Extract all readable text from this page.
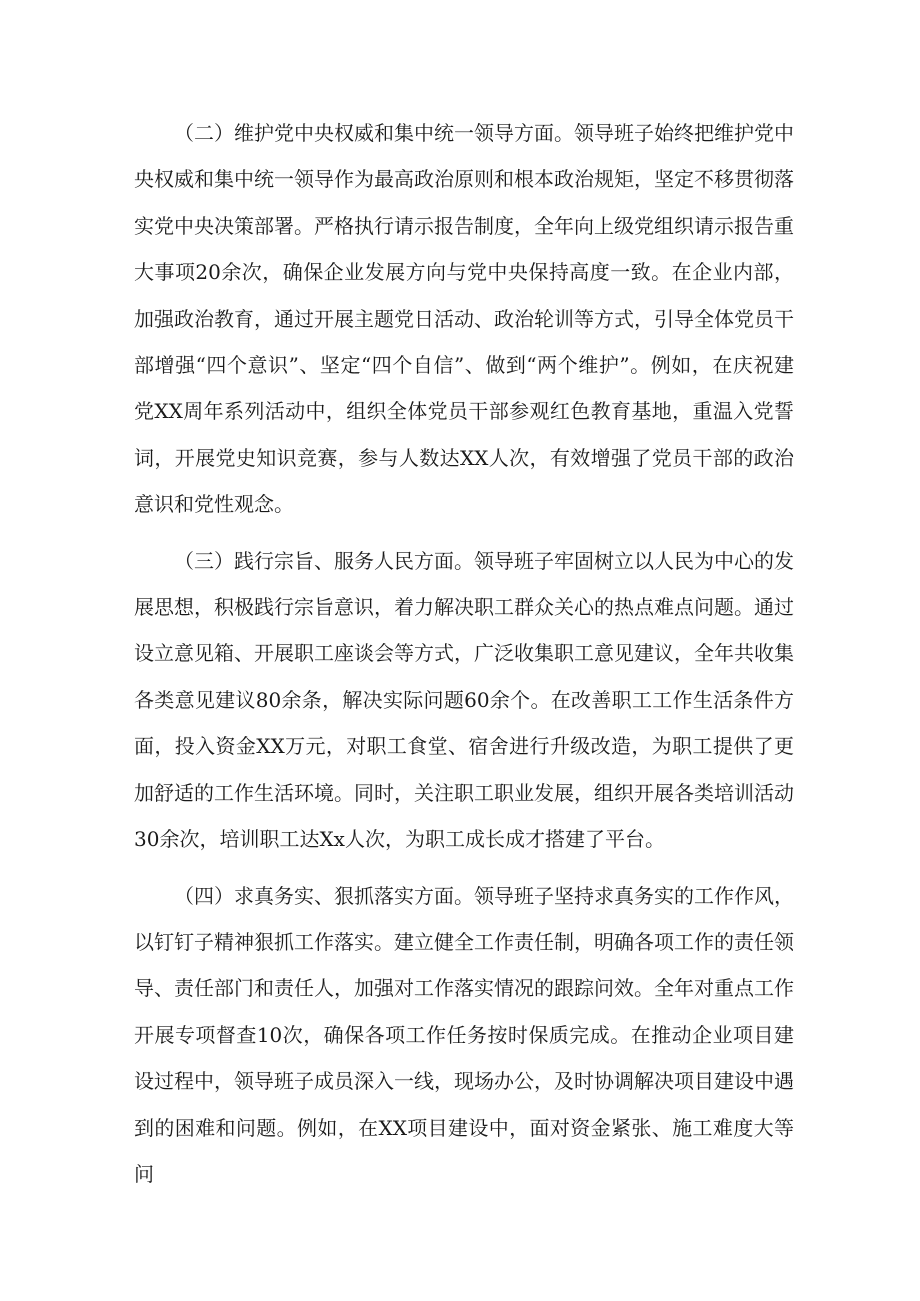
（二）维护党中央权威和集中统一领导方面。领导班子始终把维护党中央权威和集中统一领导作为最高政治原则和根本政治规矩，坚定不移贯彻落实党中央决策部署。严格执行请示报告制度，全年向上级党组织请示报告重大事项20余次，确保企业发展方向与党中央保持高度一致。在企业内部，加强政治教育，通过开展主题党日活动、政治轮训等方式，引导全体党员干部增强“四个意识”、坚定“四个自信”、做到“两个维护”。例如，在庆祝建党XX周年系列活动中，组织全体党员干部参观红色教育基地，重温入党誓词，开展党史知识竞赛，参与人数达XX人次，有效增强了党员干部的政治意识和党性观念。

（三）践行宗旨、服务人民方面。领导班子牢固树立以人民为中心的发展思想，积极践行宗旨意识，着力解决职工群众关心的热点难点问题。通过设立意见箱、开展职工座谈会等方式，广泛收集职工意见建议，全年共收集各类意见建议80余条，解决实际问题60余个。在改善职工工作生活条件方面，投入资金XX万元，对职工食堂、宿舍进行升级改造，为职工提供了更加舒适的工作生活环境。同时，关注职工职业发展，组织开展各类培训活动30余次，培训职工达Xx人次，为职工成长成才搭建了平台。

（四）求真务实、狠抓落实方面。领导班子坚持求真务实的工作作风，以钉钉子精神狠抓工作落实。建立健全工作责任制，明确各项工作的责任领导、责任部门和责任人，加强对工作落实情况的跟踪问效。全年对重点工作开展专项督查10次，确保各项工作任务按时保质完成。在推动企业项目建设过程中，领导班子成员深入一线，现场办公，及时协调解决项目建设中遇到的困难和问题。例如，在XX项目建设中，面对资金紧张、施工难度大等问
